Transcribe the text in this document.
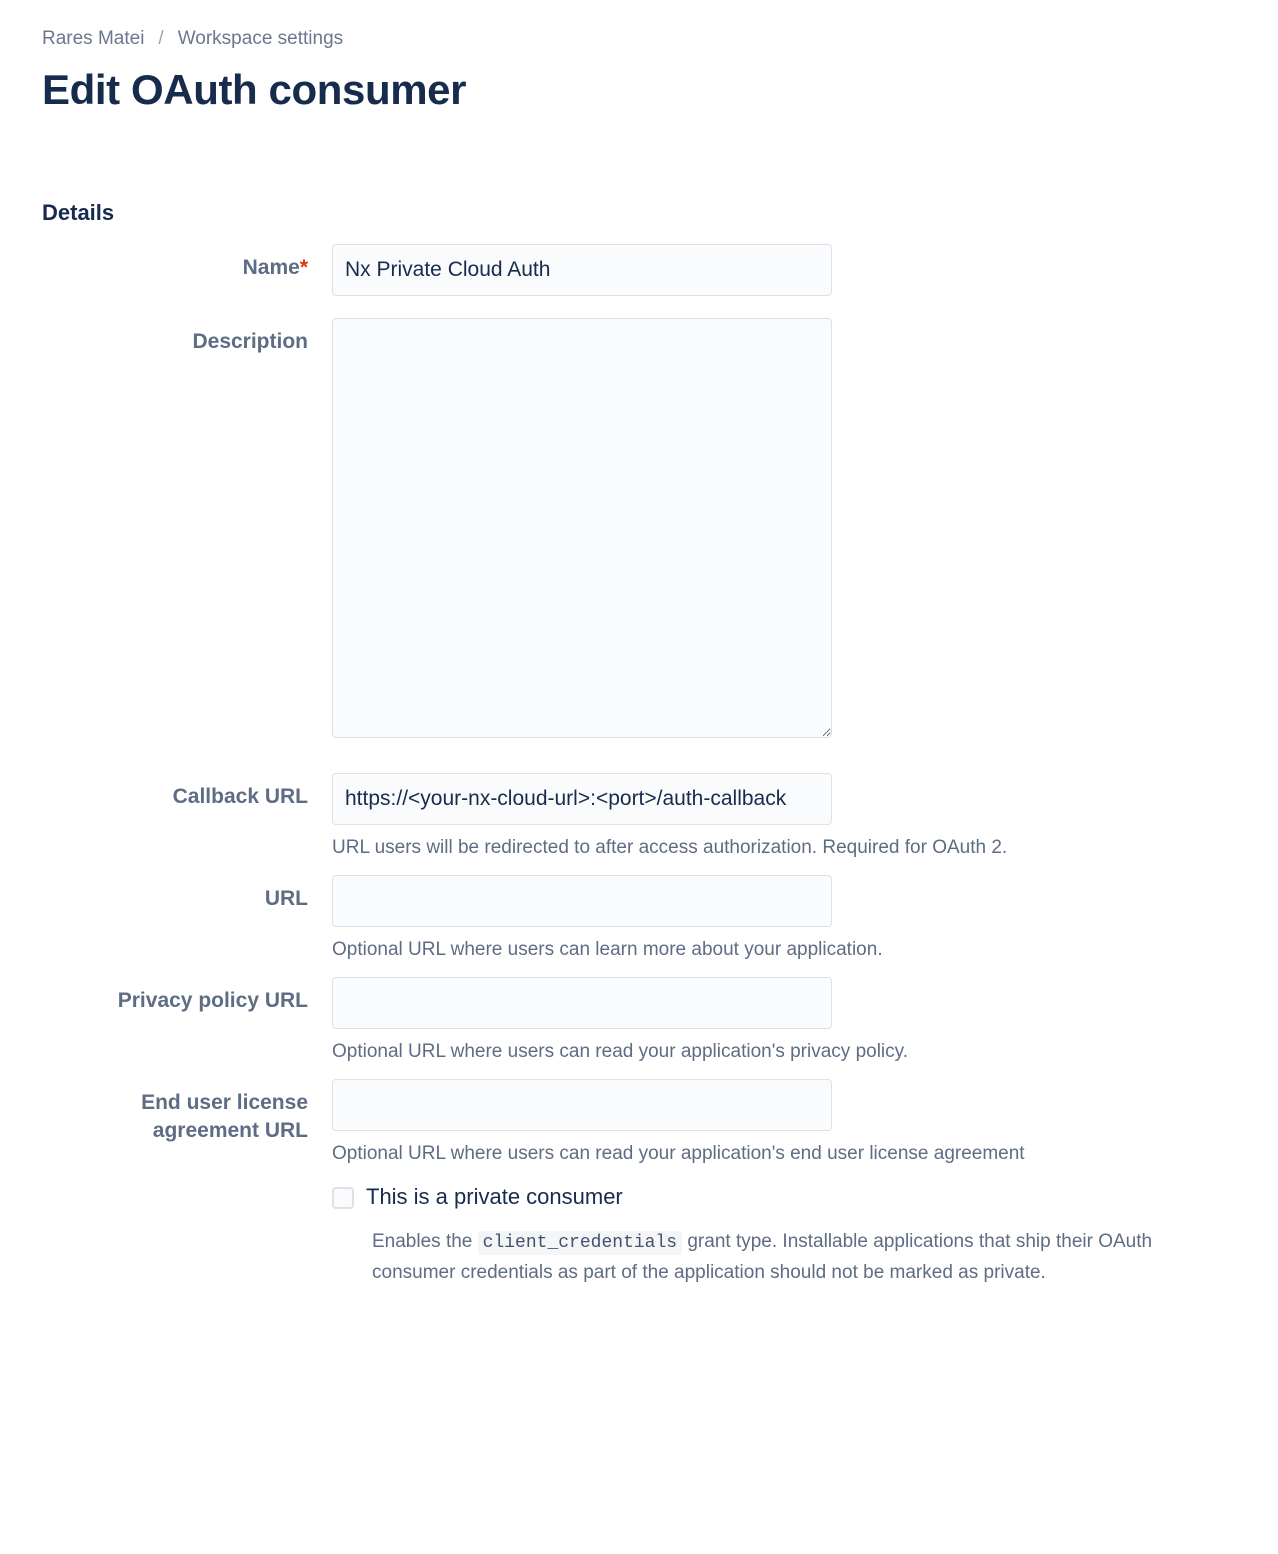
Rares Matei / Workspace settings
Edit OAuth consumer
Details
Name*
Nx Private Cloud Auth
Description
Callback URL
https://<your-nx-cloud-url>:<port>/auth-callback
URL users will be redirected to after access authorization. Required for OAuth 2.
URL
Optional URL where users can learn more about your application.
Privacy policy URL
Optional URL where users can read your application's privacy policy.
End user license agreement URL
Optional URL where users can read your application's end user license agreement
This is a private consumer
Enables the client_credentials grant type. Installable applications that ship their OAuth consumer credentials as part of the application should not be marked as private.
